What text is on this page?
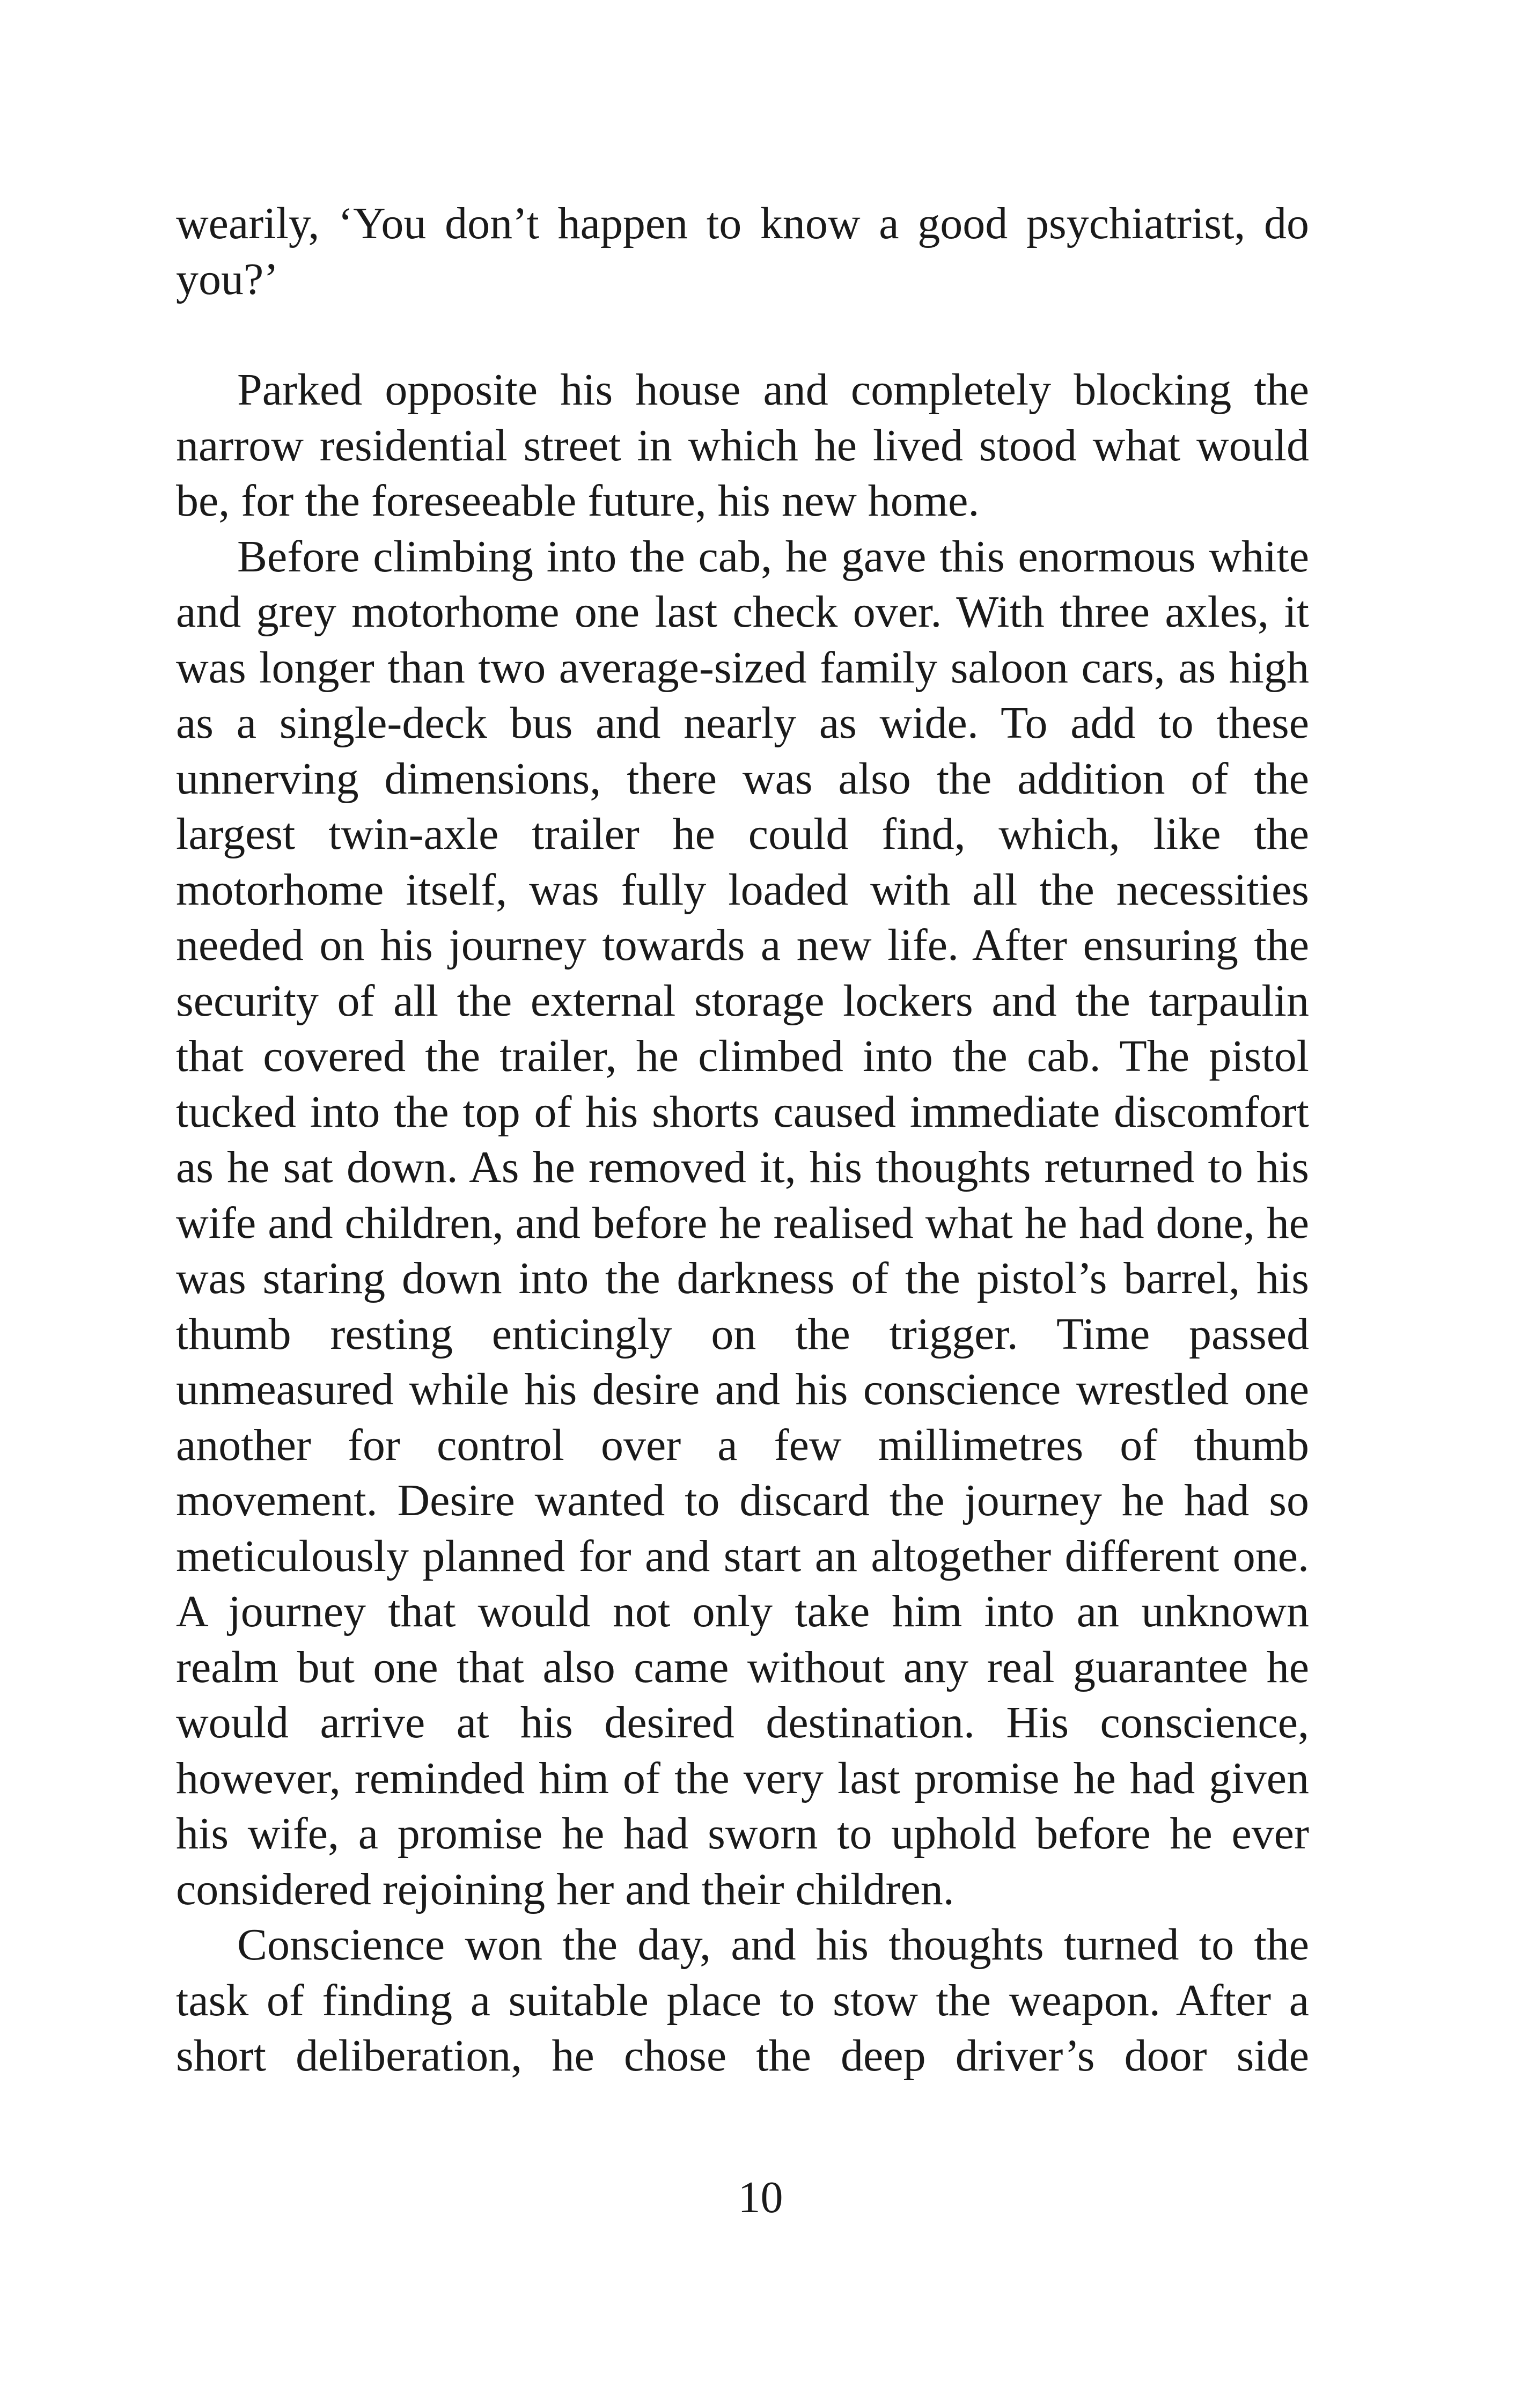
wearily, ‘You don’t happen to know a good psychiatrist, do you?’

Parked opposite his house and completely blocking the narrow residential street in which he lived stood what would be, for the foreseeable future, his new home.

Before climbing into the cab, he gave this enormous white and grey motorhome one last check over. With three axles, it was longer than two average-sized family saloon cars, as high as a single-deck bus and nearly as wide. To add to these unnerving dimensions, there was also the addition of the largest twin-axle trailer he could find, which, like the motorhome itself, was fully loaded with all the necessities needed on his journey towards a new life. After ensuring the security of all the external storage lockers and the tarpaulin that covered the trailer, he climbed into the cab. The pistol tucked into the top of his shorts caused immediate discomfort as he sat down. As he removed it, his thoughts returned to his wife and children, and before he realised what he had done, he was staring down into the darkness of the pistol’s barrel, his thumb resting enticingly on the trigger. Time passed unmeasured while his desire and his conscience wrestled one another for control over a few millimetres of thumb movement. Desire wanted to discard the journey he had so meticulously planned for and start an altogether different one. A journey that would not only take him into an unknown realm but one that also came without any real guarantee he would arrive at his desired destination. His conscience, however, reminded him of the very last promise he had given his wife, a promise he had sworn to uphold before he ever considered rejoining her and their children.

Conscience won the day, and his thoughts turned to the task of finding a suitable place to stow the weapon. After a short deliberation, he chose the deep driver’s door side

10
